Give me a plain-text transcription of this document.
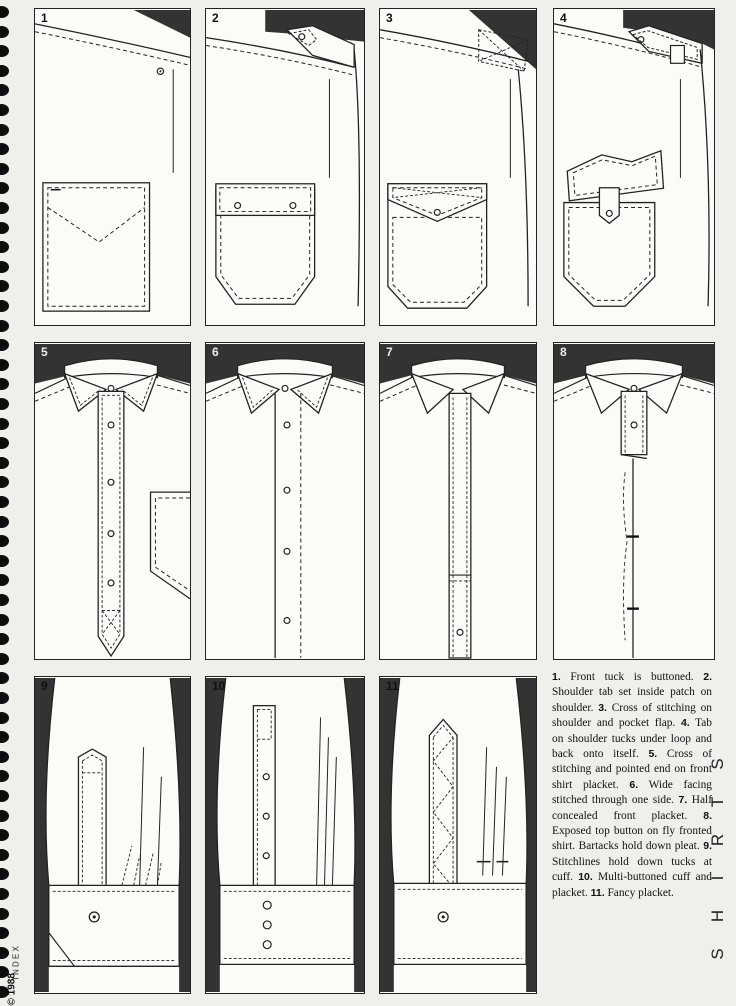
1	2	3	4
5	6	7	8
9	10	11
1. Front tuck is buttoned. 2. Shoulder tab set inside patch on shoulder. 3. Cross of stitching on shoulder and pocket flap. 4. Tab on shoulder tucks under loop and back onto itself. 5. Cross of stitching and pointed end on front shirt placket. 6. Wide facing stitched through one side. 7. Half concealed front placket. 8. Exposed top button on fly fronted shirt. Bartacks hold down pleat. 9. Stitchlines hold down tucks at cuff. 10. Multi-buttoned cuff and placket. 11. Fancy placket.
S
T
R
I
H
S
I N D E X
© 1988
